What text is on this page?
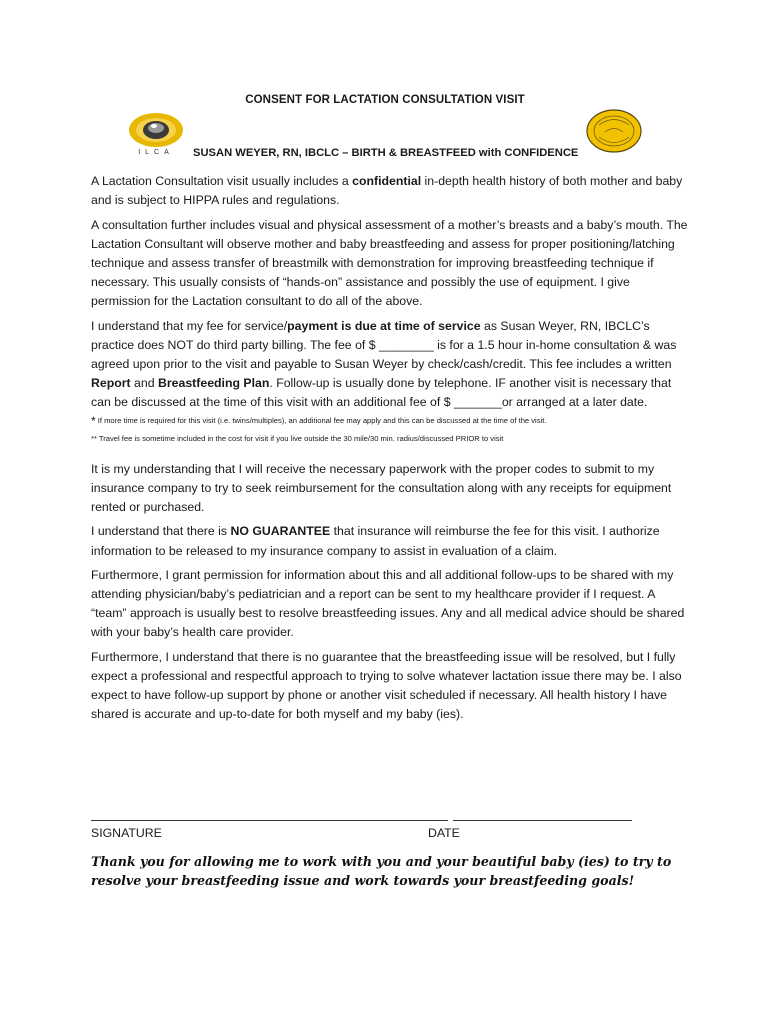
CONSENT FOR LACTATION CONSULTATION VISIT
ILCA	SUSAN WEYER, RN, IBCLC – BIRTH & BREASTFEED with CONFIDENCE

A Lactation Consultation visit usually includes a confidential in-depth health history of both mother and baby and is subject to HIPPA rules and regulations.

A consultation further includes visual and physical assessment of a mother’s breasts and a baby’s mouth. The Lactation Consultant will observe mother and baby breastfeeding and assess for proper positioning/latching technique and assess transfer of breastmilk with demonstration for improving breastfeeding technique if necessary. This usually consists of “hands-on” assistance and possibly the use of equipment. I give permission for the Lactation consultant to do all of the above.

I understand that my fee for service/payment is due at time of service as Susan Weyer, RN, IBCLC’s practice does NOT do third party billing. The fee of $ ________ is for a 1.5 hour in-home consultation & was agreed upon prior to the visit and payable to Susan Weyer by check/cash/credit. This fee includes a written Report and Breastfeeding Plan. Follow-up is usually done by telephone. IF another visit is necessary that can be discussed at the time of this visit with an additional fee of $ _______or arranged at a later date.

* If more time is required for this visit (i.e. twins/multiples), an additional fee may apply and this can be discussed at the time of the visit.

** Travel fee is sometime included in the cost for visit if you live outside the 30 mile/30 min. radius/discussed PRIOR to visit

It is my understanding that I will receive the necessary paperwork with the proper codes to submit to my insurance company to try to seek reimbursement for the consultation along with any receipts for equipment rented or purchased.

I understand that there is NO GUARANTEE that insurance will reimburse the fee for this visit. I authorize information to be released to my insurance company to assist in evaluation of a claim.

Furthermore, I grant permission for information about this and all additional follow-ups to be shared with my attending physician/baby’s pediatrician and a report can be sent to my healthcare provider if I request. A “team” approach is usually best to resolve breastfeeding issues. Any and all medical advice should be shared with your baby’s health care provider.

Furthermore, I understand that there is no guarantee that the breastfeeding issue will be resolved, but I fully expect a professional and respectful approach to trying to solve whatever lactation issue there may be. I also expect to have follow-up support by phone or another visit scheduled if necessary. All health history I have shared is accurate and up-to-date for both myself and my baby (ies).

SIGNATURE	DATE
Thank you for allowing me to work with you and your beautiful baby (ies) to try to resolve your breastfeeding issue and work towards your breastfeeding goals!
